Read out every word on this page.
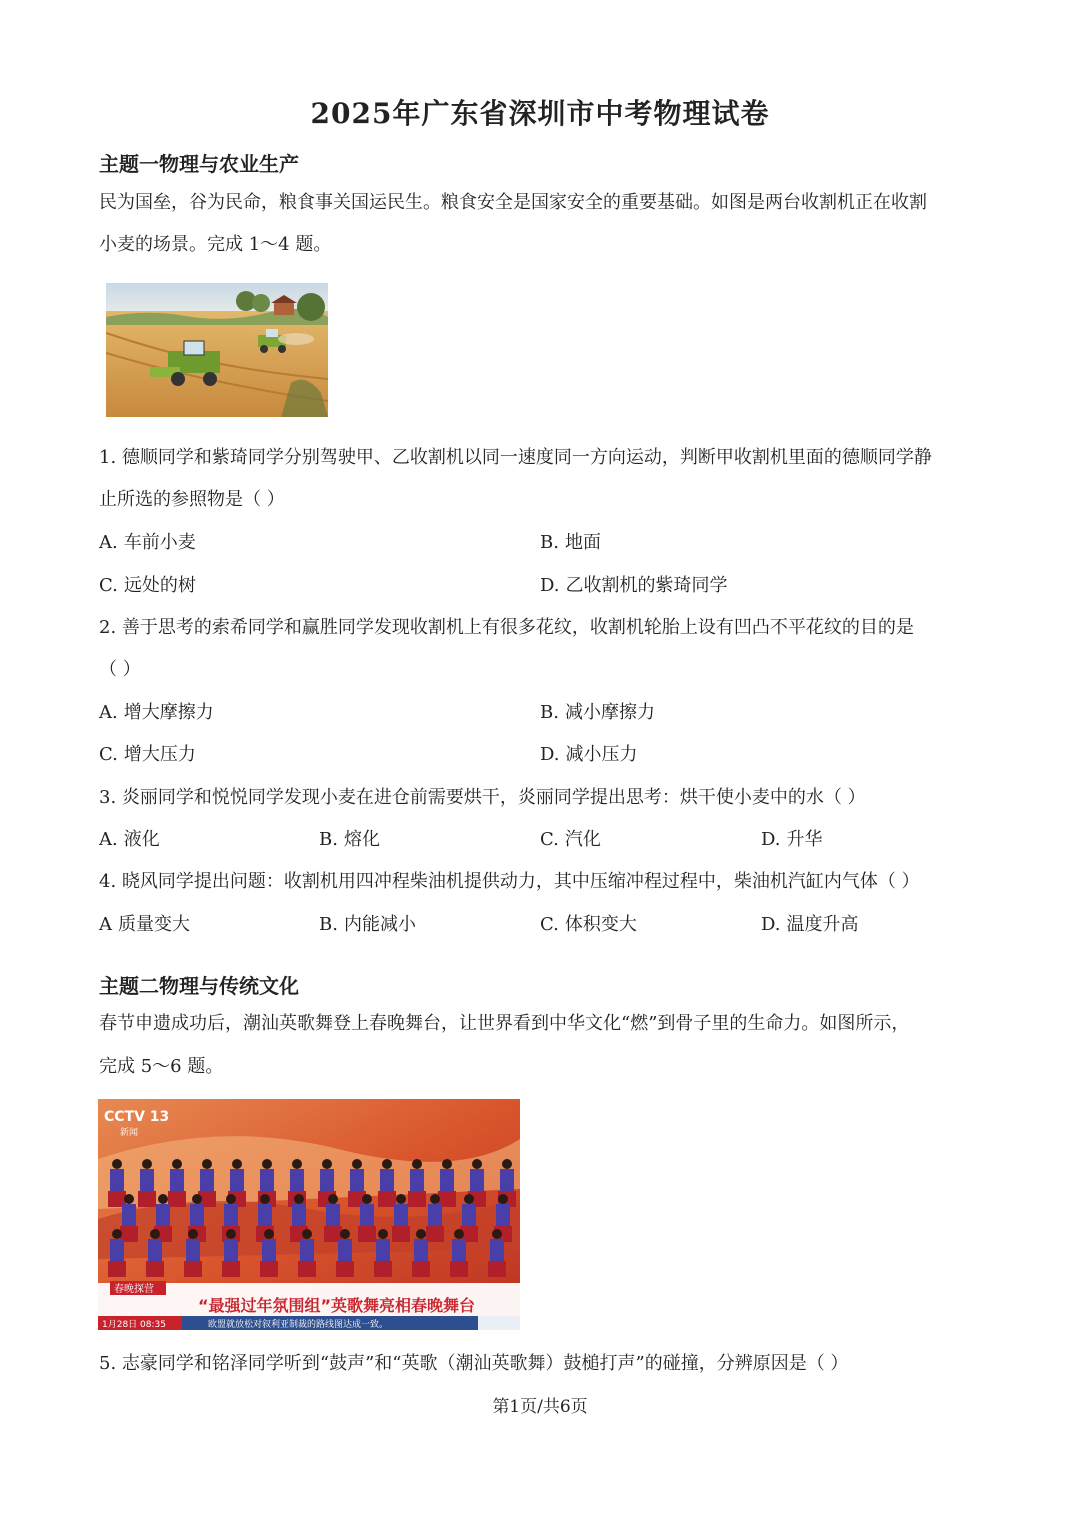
2025年广东省深圳市中考物理试卷
主题一物理与农业生产
民为国垒，谷为民命，粮食事关国运民生。粮食安全是国家安全的重要基础。如图是两台收割机正在收割
小麦的场景。完成 1～4 题。
1. 德顺同学和紫琦同学分别驾驶甲、乙收割机以同一速度同一方向运动，判断甲收割机里面的德顺同学静
止所选的参照物是（ ）
A. 车前小麦	B. 地面
C. 远处的树	D. 乙收割机的紫琦同学
2. 善于思考的索希同学和赢胜同学发现收割机上有很多花纹，收割机轮胎上设有凹凸不平花纹的目的是
（ ）
A. 增大摩擦力	B. 减小摩擦力
C. 增大压力	D. 减小压力
3. 炎丽同学和悦悦同学发现小麦在进仓前需要烘干，炎丽同学提出思考：烘干使小麦中的水（ ）
A. 液化	B. 熔化	C. 汽化	D. 升华
4. 晓风同学提出问题：收割机用四冲程柴油机提供动力，其中压缩冲程过程中，柴油机汽缸内气体（ ）
A 质量变大	B. 内能减小	C. 体积变大	D. 温度升高
主题二物理与传统文化
春节申遗成功后，潮汕英歌舞登上春晚舞台，让世界看到中华文化“燃”到骨子里的生命力。如图所示，
完成 5～6 题。
CCTV 13
新闻
春晚探营
“最强过年氛围组”英歌舞亮相春晚舞台
1月28日 08:35	欧盟就放松对叙利亚制裁的路线图达成一致。
5. 志豪同学和铭泽同学听到“鼓声”和“英歌（潮汕英歌舞）鼓槌打声”的碰撞，分辨原因是（ ）
第1页/共6页
